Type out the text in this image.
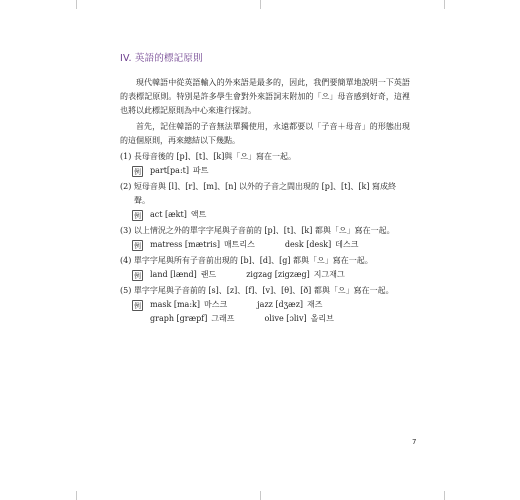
IV. 英語的標記原則

現代韓語中從英語輸入的外來語是最多的，因此，我們要簡單地說明一下英語的表標記原則。特別是許多學生會對外來語詞末附加的「으」母音感到好奇，這裡也將以此標記原則為中心來進行探討。

首先，記住韓語的子音無法單獨使用，永遠都要以「子音＋母音」的形態出現的這個原則，再來總結以下幾點。

(1) 長母音後的 [p]、[t]、[k]與「으」寫在一起。
例 part[pa:t] 파트
(2) 短母音與 [l]、[r]、[m]、[n] 以外的子音之間出現的 [p]、[t]、[k] 寫成終
聲。
例 act [ækt] 액트
(3) 以上情況之外的單字字尾與子音前的 [p]、[t]、[k] 都與「으」寫在一起。
例 matress [mætris] 매트리스	desk [desk] 데스크
(4) 單字字尾與所有子音前出現的 [b]、[d]、[g] 都與「으」寫在一起。
例 land [lænd] 랜드	zigzag [zigzæg] 지그재그
(5) 單字字尾與子音前的 [s]、[z]、[f]、[v]、[θ]、[ð] 都與「으」寫在一起。
例 mask [ma:k] 마스크	jazz [dʒæz] 재즈
graph [græpf] 그래프	olive [ɔliv] 올리브
7
